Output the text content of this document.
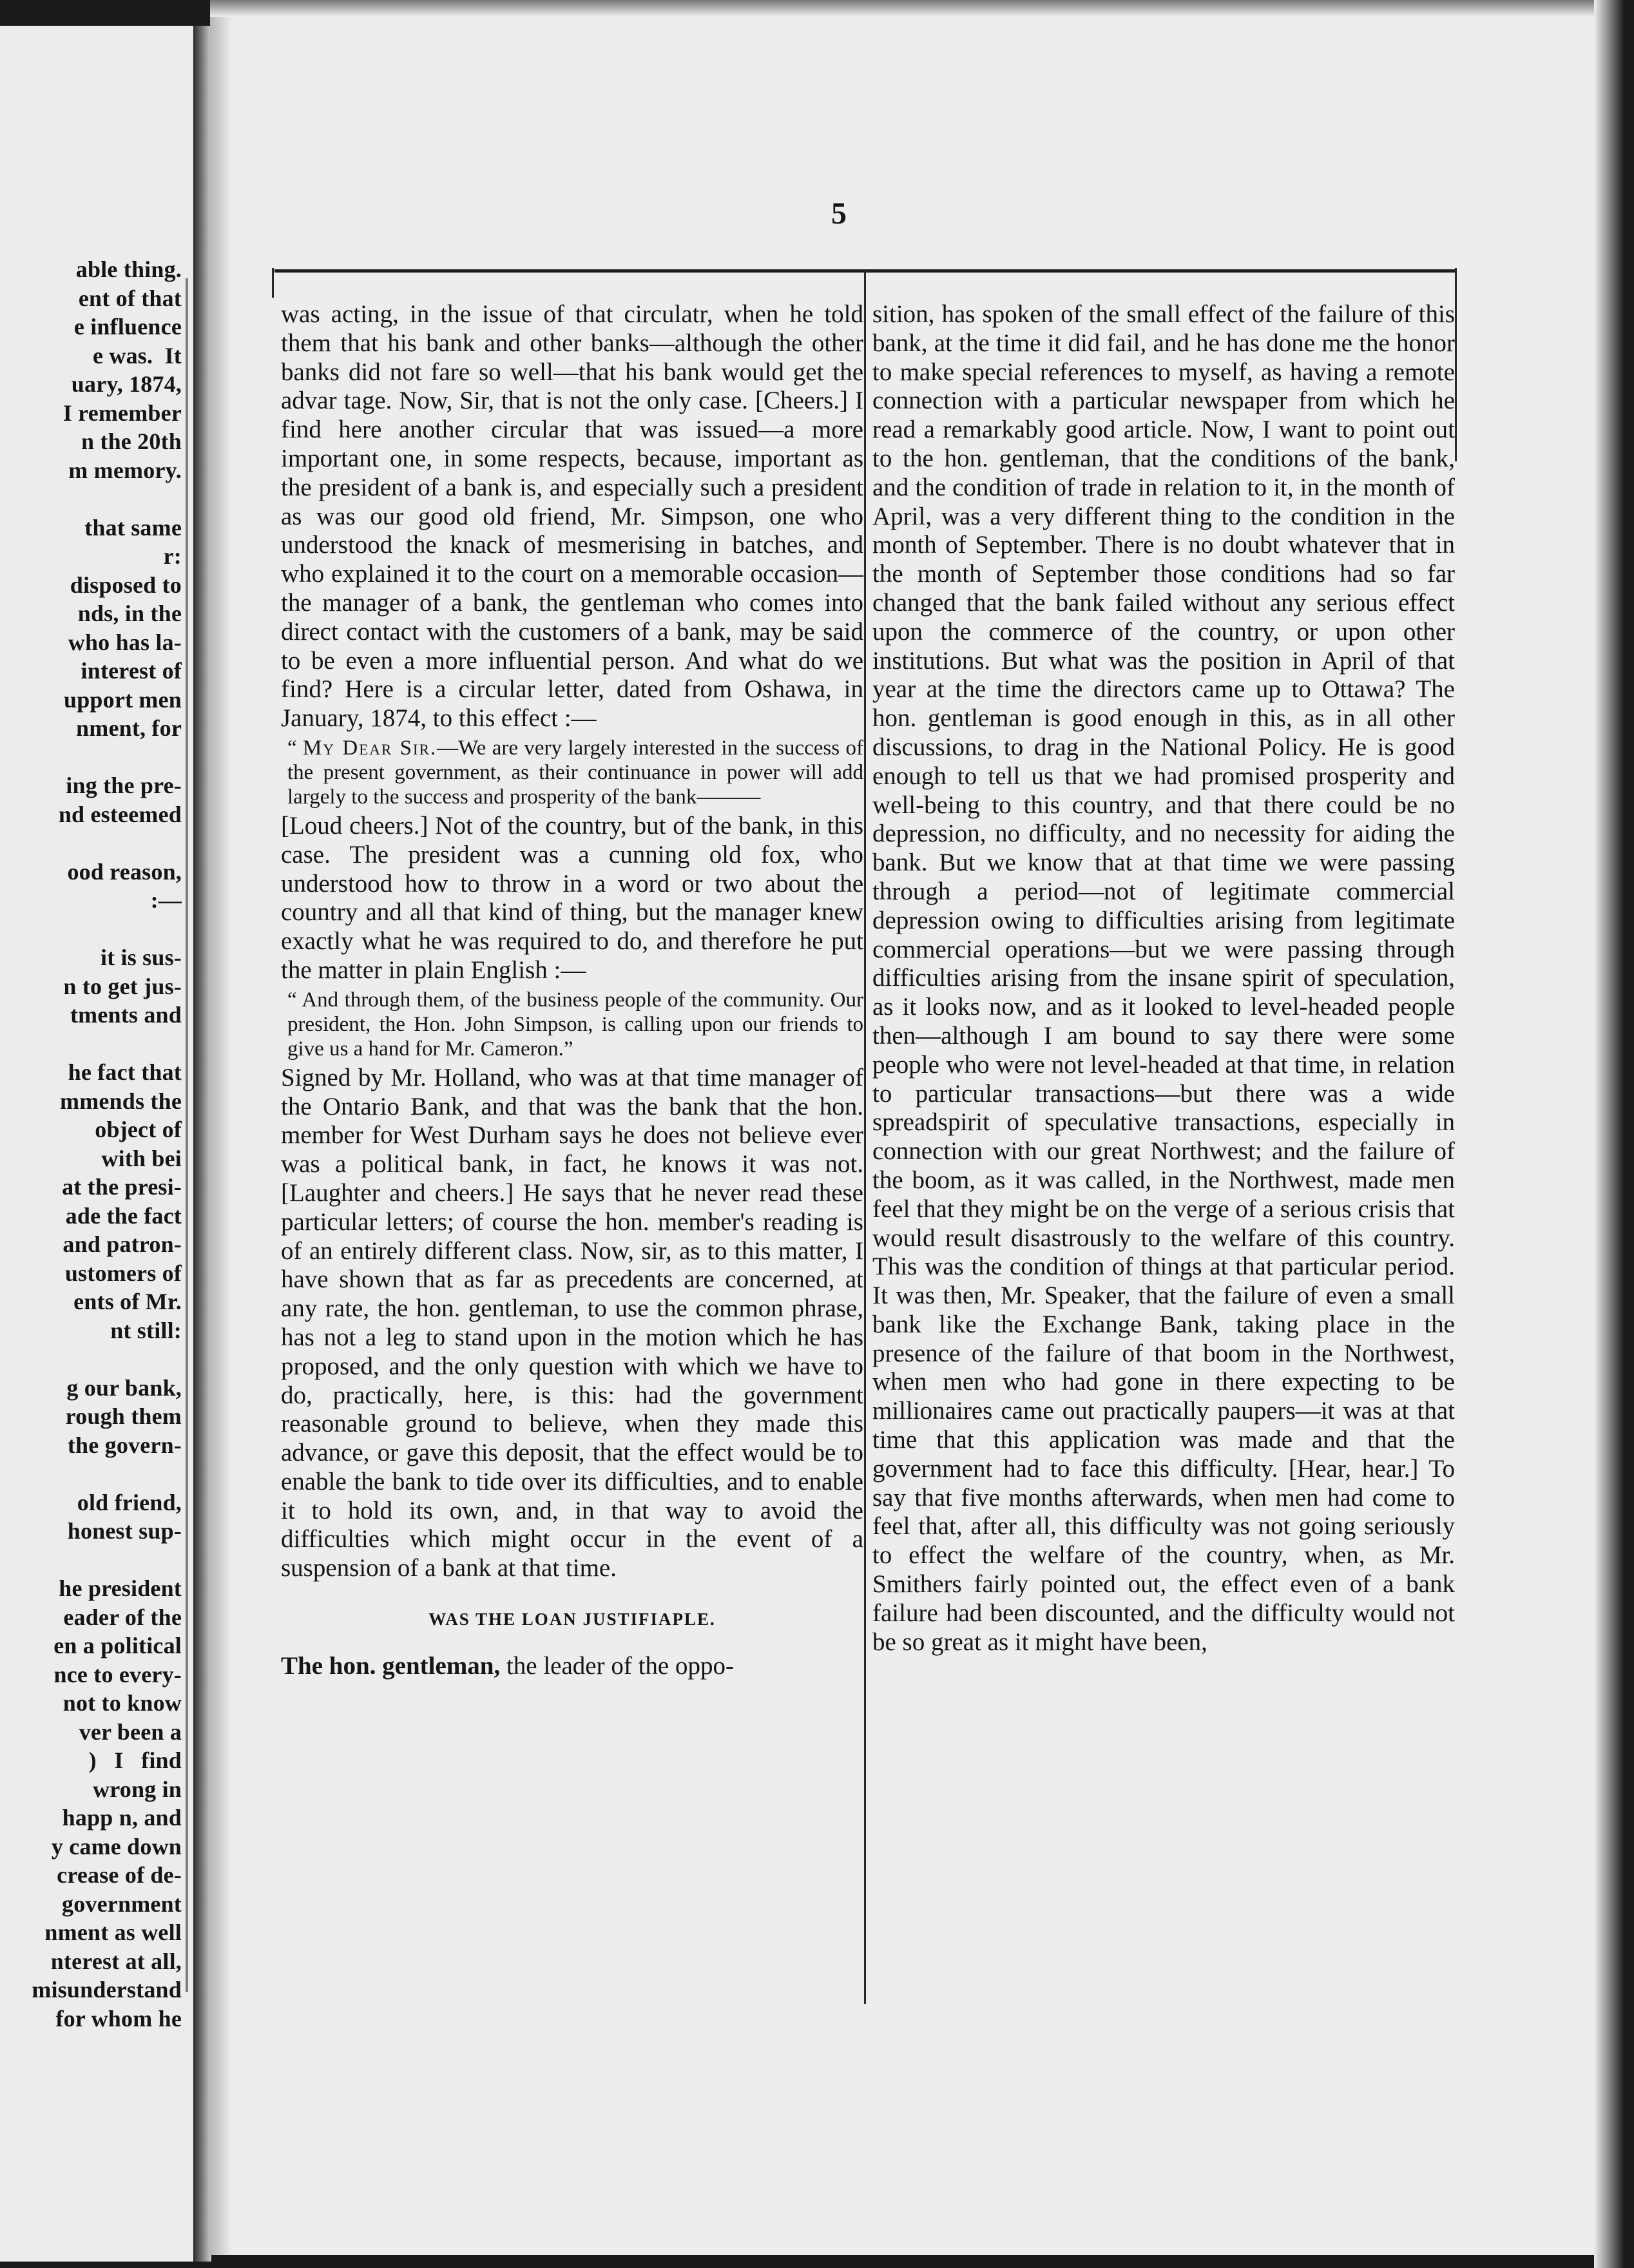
able thing.
ent of that
e influence
e was.  It
uary, 1874,
I remember
n the 20th
m memory.
that same
r:
disposed to
nds, in the
who has la-
interest of
upport men
nment, for
ing the pre-
nd esteemed
ood reason,
:—
it is sus-
n to get jus-
tments and
he fact that
mmends the
object of
with bei
at the presi-
ade the fact
and patron-
ustomers of
ents of Mr.
nt still:
g our bank,
rough them
the govern-
old friend,
honest sup-
he president
eader of the
en a political
nce to every-
not to know
ver been a
)   I   find
wrong in
happ n, and
y came down
crease of de-
government
nment as well
nterest at all,
misunderstand
for whom he
5

was acting, in the issue of that circulatr, when he told them that his bank and other banks—although the other banks did not fare so well—that his bank would get the advar tage. Now, Sir, that is not the only case. [Cheers.] I find here another circular that was issued—a more important one, in some respects, because, important as the president of a bank is, and especially such a president as was our good old friend, Mr. Simpson, one who understood the knack of mesmerising in batches, and who explained it to the court on a memorable occasion—the manager of a bank, the gentleman who comes into direct contact with the customers of a bank, may be said to be even a more influential person. And what do we find? Here is a circular letter, dated from Oshawa, in January, 1874, to this effect :—

“ My Dear Sir.—We are very largely interested in the success of the present government, as their continuance in power will add largely to the success and prosperity of the bank———

[Loud cheers.] Not of the country, but of the bank, in this case. The president was a cunning old fox, who understood how to throw in a word or two about the country and all that kind of thing, but the manager knew exactly what he was required to do, and therefore he put the matter in plain English :—

“ And through them, of the business people of the community. Our president, the Hon. John Simpson, is calling upon our friends to give us a hand for Mr. Cameron.”

Signed by Mr. Holland, who was at that time manager of the Ontario Bank, and that was the bank that the hon. member for West Durham says he does not believe ever was a political bank, in fact, he knows it was not. [Laughter and cheers.] He says that he never read these particular letters; of course the hon. member's reading is of an entirely different class. Now, sir, as to this matter, I have shown that as far as precedents are concerned, at any rate, the hon. gentleman, to use the common phrase, has not a leg to stand upon in the motion which he has proposed, and the only question with which we have to do, practically, here, is this: had the government reasonable ground to believe, when they made this advance, or gave this deposit, that the effect would be to enable the bank to tide over its difficulties, and to enable it to hold its own, and, in that way to avoid the difficulties which might occur in the event of a suspension of a bank at that time.

WAS THE LOAN JUSTIFIAPLE.

The hon. gentleman, the leader of the oppo-

sition, has spoken of the small effect of the failure of this bank, at the time it did fail, and he has done me the honor to make special references to myself, as having a remote connection with a particular newspaper from which he read a remarkably good article. Now, I want to point out to the hon. gentleman, that the conditions of the bank, and the condition of trade in relation to it, in the month of April, was a very different thing to the condition in the month of September. There is no doubt whatever that in the month of September those conditions had so far changed that the bank failed without any serious effect upon the commerce of the country, or upon other institutions. But what was the position in April of that year at the time the directors came up to Ottawa? The hon. gentleman is good enough in this, as in all other discussions, to drag in the National Policy. He is good enough to tell us that we had promised prosperity and well-being to this country, and that there could be no depression, no difficulty, and no necessity for aiding the bank. But we know that at that time we were passing through a period—not of legitimate commercial depression owing to difficulties arising from legitimate commercial operations—but we were passing through difficulties arising from the insane spirit of speculation, as it looks now, and as it looked to level-headed people then—although I am bound to say there were some people who were not level-headed at that time, in relation to particular transactions—but there was a wide spreadspirit of speculative transactions, especially in connection with our great Northwest; and the failure of the boom, as it was called, in the Northwest, made men feel that they might be on the verge of a serious crisis that would result disastrously to the welfare of this country. This was the condition of things at that particular period. It was then, Mr. Speaker, that the failure of even a small bank like the Exchange Bank, taking place in the presence of the failure of that boom in the Northwest, when men who had gone in there expecting to be millionaires came out practically paupers—it was at that time that this application was made and that the government had to face this difficulty. [Hear, hear.] To say that five months afterwards, when men had come to feel that, after all, this difficulty was not going seriously to effect the welfare of the country, when, as Mr. Smithers fairly pointed out, the effect even of a bank failure had been discounted, and the difficulty would not be so great as it might have been,
